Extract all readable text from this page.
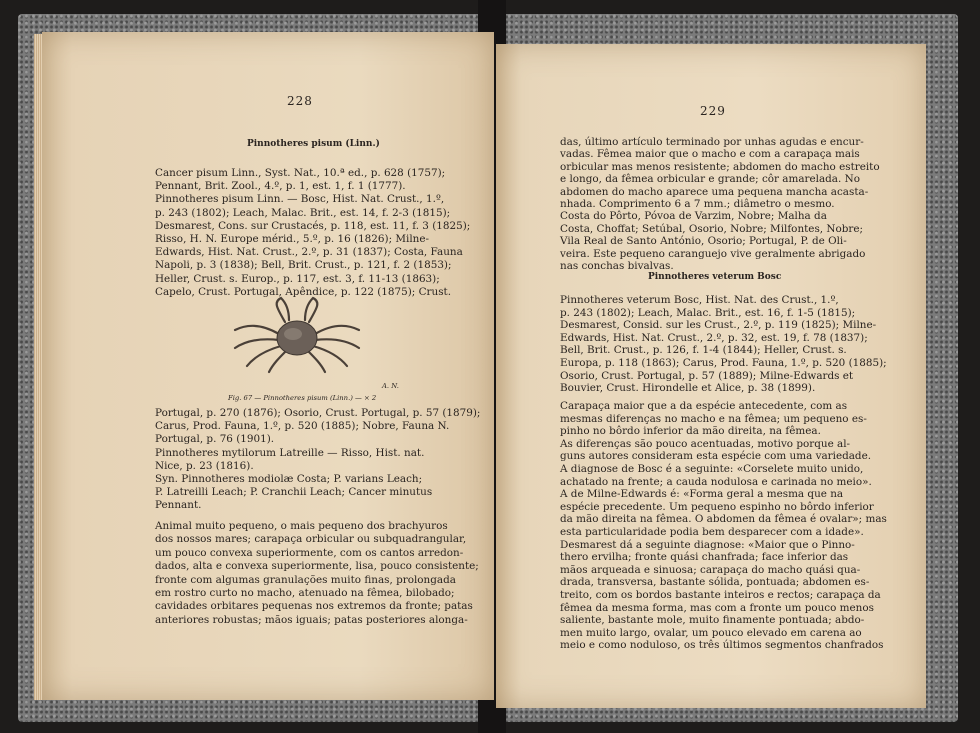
228
Pinnotheres pisum (Linn.)
Cancer pisum Linn., Syst. Nat., 10.ª ed., p. 628 (1757);
Pennant, Brit. Zool., 4.º, p. 1, est. 1, f. 1 (1777).
Pinnotheres pisum Linn. — Bosc, Hist. Nat. Crust., 1.º,
p. 243 (1802); Leach, Malac. Brit., est. 14, f. 2-3 (1815);
Desmarest, Cons. sur Crustacés, p. 118, est. 11, f. 3 (1825);
Risso, H. N. Europe mérid., 5.º, p. 16 (1826); Milne-
Edwards, Hist. Nat. Crust., 2.º, p. 31 (1837); Costa, Fauna
Napoli, p. 3 (1838); Bell, Brit. Crust., p. 121, f. 2 (1853);
Heller, Crust. s. Europ., p. 117, est. 3, f. 11-13 (1863);
Capelo, Crust. Portugal, Apêndice, p. 122 (1875); Crust.
A. N.
Fig. 67 — Pinnotheres pisum (Linn.) — × 2
Portugal, p. 270 (1876); Osorio, Crust. Portugal, p. 57 (1879);
Carus, Prod. Fauna, 1.º, p. 520 (1885); Nobre, Fauna N.
Portugal, p. 76 (1901).
Pinnotheres mytilorum Latreille — Risso, Hist. nat.
Nice, p. 23 (1816).
Syn. Pinnotheres modiolæ Costa; P. varians Leach;
P. Latreilli Leach; P. Cranchii Leach; Cancer minutus
Pennant.
Animal muito pequeno, o mais pequeno dos brachyuros
dos nossos mares; carapaça orbicular ou subquadrangular,
um pouco convexa superiormente, com os cantos arredon-
dados, alta e convexa superiormente, lisa, pouco consistente;
fronte com algumas granulações muito finas, prolongada
em rostro curto no macho, atenuado na fêmea, bilobado;
cavidades orbitares pequenas nos extremos da fronte; patas
anteriores robustas; mãos iguais; patas posteriores alonga-
229
das, último artículo terminado por unhas agudas e encur-
vadas. Fêmea maior que o macho e com a carapaça mais
orbicular mas menos resistente; abdomen do macho estreito
e longo, da fêmea orbicular e grande; côr amarelada. No
abdomen do macho aparece uma pequena mancha acasta-
nhada. Comprimento 6 a 7 mm.; diâmetro o mesmo.
Costa do Pôrto, Póvoa de Varzim, Nobre; Malha da
Costa, Choffat; Setúbal, Osorio, Nobre; Milfontes, Nobre;
Vila Real de Santo António, Osorio; Portugal, P. de Oli-
veira. Este pequeno caranguejo vive geralmente abrigado
nas conchas bivalvas.
Pinnotheres veterum Bosc
Pinnotheres veterum Bosc, Hist. Nat. des Crust., 1.º,
p. 243 (1802); Leach, Malac. Brit., est. 16, f. 1-5 (1815);
Desmarest, Consid. sur les Crust., 2.º, p. 119 (1825); Milne-
Edwards, Hist. Nat. Crust., 2.º, p. 32, est. 19, f. 78 (1837);
Bell, Brit. Crust., p. 126, f. 1-4 (1844); Heller, Crust. s.
Europa, p. 118 (1863); Carus, Prod. Fauna, 1.º, p. 520 (1885);
Osorio, Crust. Portugal, p. 57 (1889); Milne-Edwards et
Bouvier, Crust. Hirondelle et Alice, p. 38 (1899).
Carapaça maior que a da espécie antecedente, com as
mesmas diferenças no macho e na fêmea; um pequeno es-
pinho no bôrdo inferior da mão direita, na fêmea.
As diferenças são pouco acentuadas, motivo porque al-
guns autores consideram esta espécie com uma variedade.
A diagnose de Bosc é a seguinte: «Corselete muito unido,
achatado na frente; a cauda nodulosa e carinada no meio».
A de Milne-Edwards é: «Forma geral a mesma que na
espécie precedente. Um pequeno espinho no bôrdo inferior
da mão direita na fêmea. O abdomen da fêmea é ovalar»; mas
esta particularidade podia bem desparecer com a idade».
Desmarest dá a seguinte diagnose: «Maior que o Pinno-
thero ervilha; fronte quási chanfrada; face inferior das
mãos arqueada e sinuosa; carapaça do macho quási qua-
drada, transversa, bastante sólida, pontuada; abdomen es-
treito, com os bordos bastante inteiros e rectos; carapaça da
fêmea da mesma forma, mas com a fronte um pouco menos
saliente, bastante mole, muito finamente pontuada; abdo-
men muito largo, ovalar, um pouco elevado em carena ao
meio e como noduloso, os três últimos segmentos chanfrados
